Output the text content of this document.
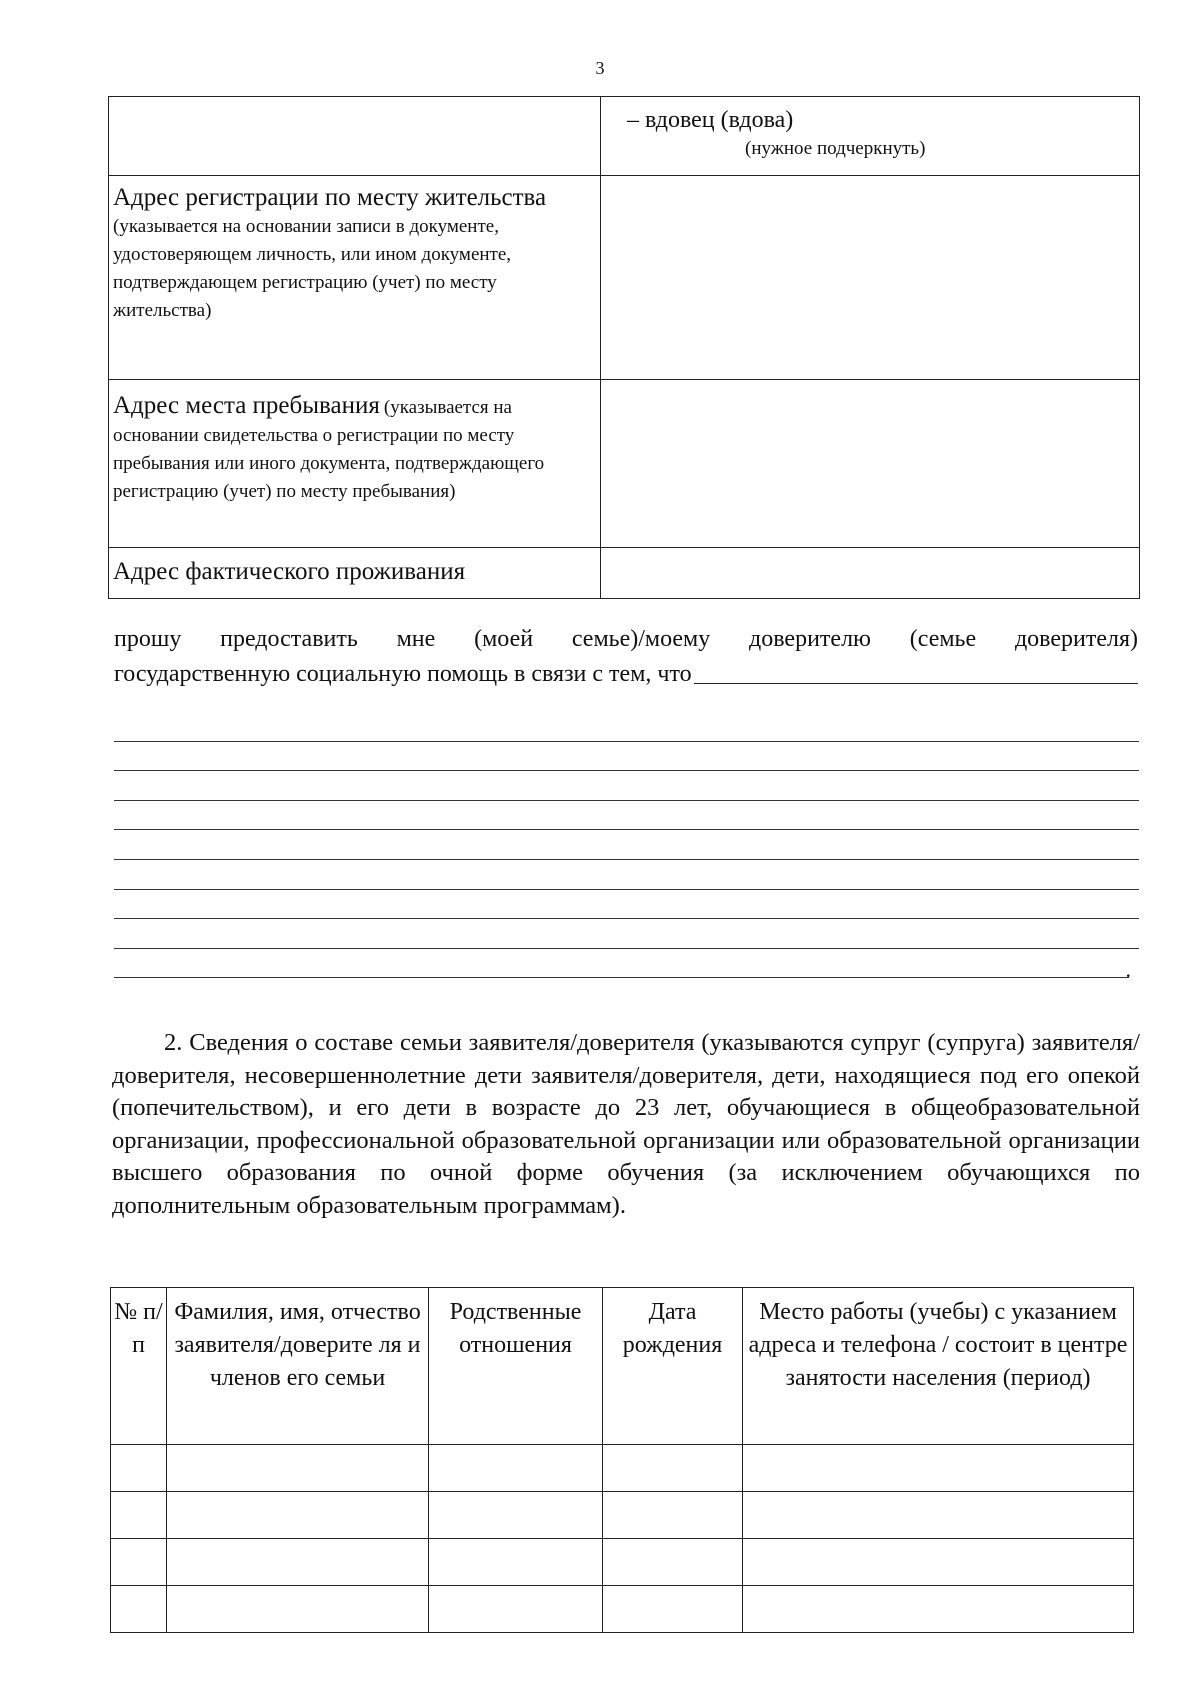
3

	– вдовец (вдова)
(нужное подчеркнуть)

Адрес регистрации по месту жительства (указывается на основании записи в документе, удостоверяющем личность, или ином документе, подтверждающем регистрацию (учет) по месту жительства)	
Адрес места пребывания (указывается на основании свидетельства о регистрации по месту пребывания или иного документа, подтверждающего регистрацию (учет) по месту пребывания)	
Адрес фактического проживания	
прошу предоставить мне (моей семье)/моему доверителю (семье доверителя)
государственную социальную помощь в связи с тем, что
.
2. Сведения о составе семьи заявителя/доверителя (указываются супруг (супруга) заявителя/ доверителя, несовершеннолетние дети заявителя/доверителя, дети, находящиеся под его опекой (попечительством), и его дети в возрасте до 23 лет, обучающиеся в общеобразовательной организации, профессиональной образовательной организации или образовательной организации высшего образования по очной форме обучения (за исключением обучающихся по дополнительным образовательным программам).
№ п/п	Фамилия, имя, отчество заявителя/доверите ля и членов его семьи	Родственные отношения	Дата рождения	Место работы (учебы) с указанием адреса и телефона / состоит в центре занятости населения (период)
